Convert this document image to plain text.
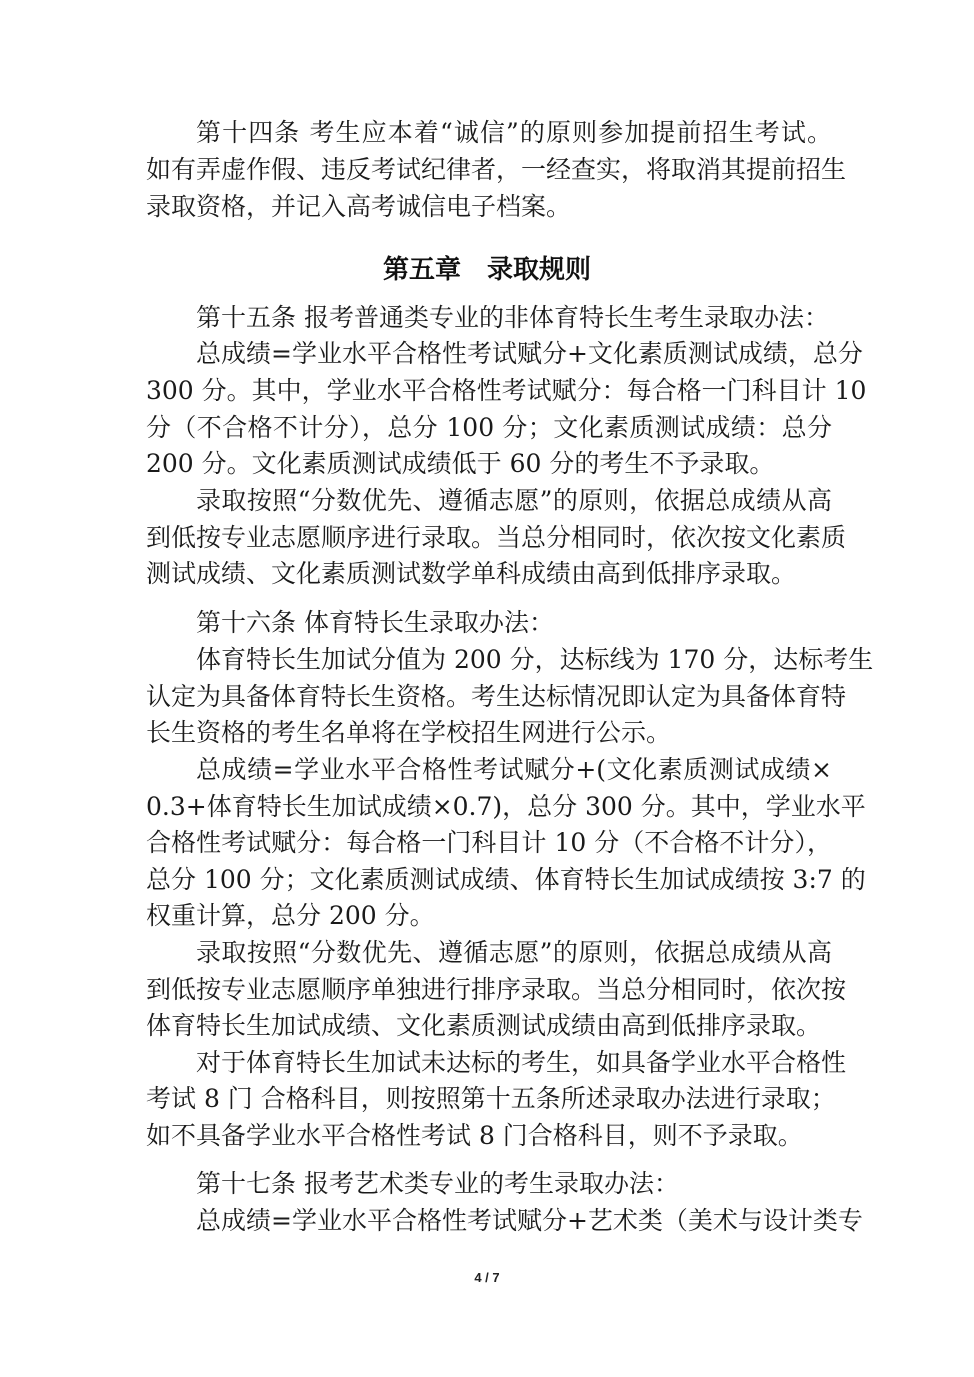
第十四条 考生应本着“诚信”的原则参加提前招生考试。
如有弄虚作假、违反考试纪律者，一经查实，将取消其提前招生
录取资格，并记入高考诚信电子档案。
第五章　录取规则
第十五条 报考普通类专业的非体育特长生考生录取办法：
总成绩=学业水平合格性考试赋分+文化素质测试成绩，总分
300 分。其中，学业水平合格性考试赋分：每合格一门科目计 10
分（不合格不计分），总分 100 分；文化素质测试成绩：总分
200 分。文化素质测试成绩低于 60 分的考生不予录取。
录取按照“分数优先、遵循志愿”的原则，依据总成绩从高
到低按专业志愿顺序进行录取。当总分相同时，依次按文化素质
测试成绩、文化素质测试数学单科成绩由高到低排序录取。
第十六条 体育特长生录取办法：
体育特长生加试分值为 200 分，达标线为 170 分，达标考生
认定为具备体育特长生资格。考生达标情况即认定为具备体育特
长生资格的考生名单将在学校招生网进行公示。
总成绩=学业水平合格性考试赋分+(文化素质测试成绩×
0.3+体育特长生加试成绩×0.7)，总分 300 分。其中，学业水平
合格性考试赋分：每合格一门科目计 10 分（不合格不计分），
总分 100 分；文化素质测试成绩、体育特长生加试成绩按 3:7 的
权重计算，总分 200 分。
录取按照“分数优先、遵循志愿”的原则，依据总成绩从高
到低按专业志愿顺序单独进行排序录取。当总分相同时，依次按
体育特长生加试成绩、文化素质测试成绩由高到低排序录取。
对于体育特长生加试未达标的考生，如具备学业水平合格性
考试 8 门 合格科目，则按照第十五条所述录取办法进行录取；
如不具备学业水平合格性考试 8 门合格科目，则不予录取。
第十七条 报考艺术类专业的考生录取办法：
总成绩=学业水平合格性考试赋分+艺术类（美术与设计类专
4 / 7
